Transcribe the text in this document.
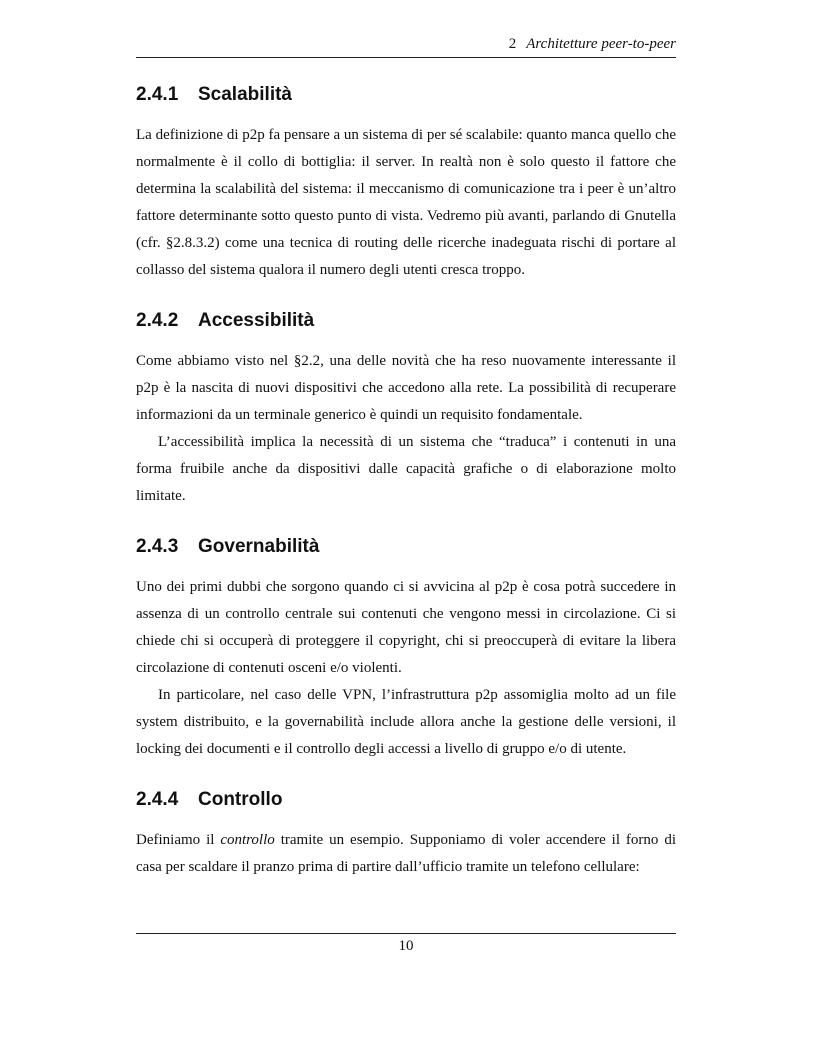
2 Architetture peer-to-peer
2.4.1 Scalabilità

La definizione di p2p fa pensare a un sistema di per sé scalabile: quanto manca quello che normalmente è il collo di bottiglia: il server. In realtà non è solo questo il fattore che determina la scalabilità del sistema: il meccanismo di comunicazione tra i peer è un’altro fattore determinante sotto questo punto di vista. Vedremo più avanti, parlando di Gnutella (cfr. §2.8.3.2) come una tecnica di routing delle ricerche inadeguata rischi di portare al collasso del sistema qualora il numero degli utenti cresca troppo.

2.4.2 Accessibilità

Come abbiamo visto nel §2.2, una delle novità che ha reso nuovamente interessante il p2p è la nascita di nuovi dispositivi che accedono alla rete. La possibilità di recuperare informazioni da un terminale generico è quindi un requisito fondamentale.

L’accessibilità implica la necessità di un sistema che “traduca” i contenuti in una forma fruibile anche da dispositivi dalle capacità grafiche o di elaborazione molto limitate.

2.4.3 Governabilità

Uno dei primi dubbi che sorgono quando ci si avvicina al p2p è cosa potrà succedere in assenza di un controllo centrale sui contenuti che vengono messi in circolazione. Ci si chiede chi si occuperà di proteggere il copyright, chi si preoccuperà di evitare la libera circolazione di contenuti osceni e/o violenti.

In particolare, nel caso delle VPN, l’infrastruttura p2p assomiglia molto ad un file system distribuito, e la governabilità include allora anche la gestione delle versioni, il locking dei documenti e il controllo degli accessi a livello di gruppo e/o di utente.

2.4.4 Controllo

Definiamo il controllo tramite un esempio. Supponiamo di voler accendere il forno di casa per scaldare il pranzo prima di partire dall’ufficio tramite un telefono cellulare:

10
